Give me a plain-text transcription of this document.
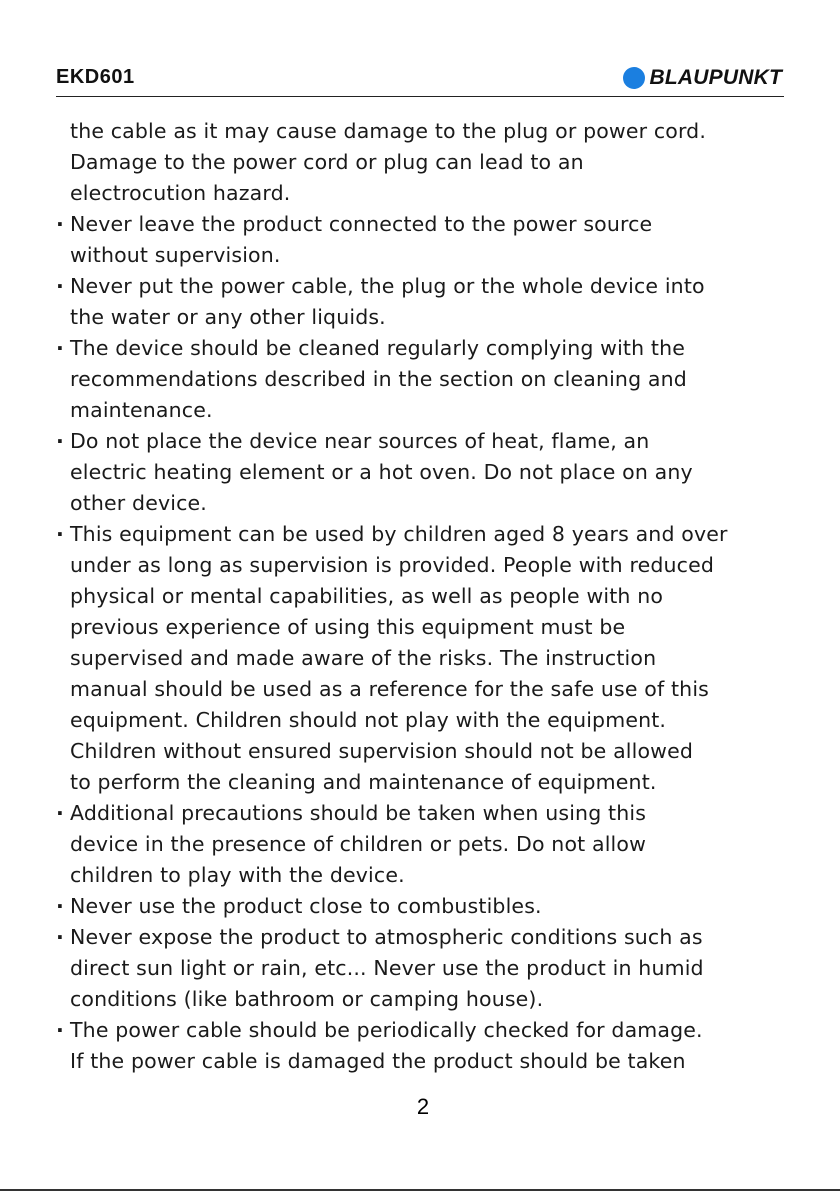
EKD601	BLAUPUNKT
the cable as it may cause damage to the plug or power cord.
Damage to the power cord or plug can lead to an
electrocution hazard.
· Never leave the product connected to the power source
without supervision.
· Never put the power cable, the plug or the whole device into
the water or any other liquids.
· The device should be cleaned regularly complying with the
recommendations described in the section on cleaning and
maintenance.
· Do not place the device near sources of heat, flame, an
electric heating element or a hot oven. Do not place on any
other device.
· This equipment can be used by children aged 8 years and over
under as long as supervision is provided. People with reduced
physical or mental capabilities, as well as people with no
previous experience of using this equipment must be
supervised and made aware of the risks. The instruction
manual should be used as a reference for the safe use of this
equipment. Children should not play with the equipment.
Children without ensured supervision should not be allowed
to perform the cleaning and maintenance of equipment.
· Additional precautions should be taken when using this
device in the presence of children or pets. Do not allow
children to play with the device.
· Never use the product close to combustibles.
· Never expose the product to atmospheric conditions such as
direct sun light or rain, etc... Never use the product in humid
conditions (like bathroom or camping house).
· The power cable should be periodically checked for damage.
If the power cable is damaged the product should be taken
2
